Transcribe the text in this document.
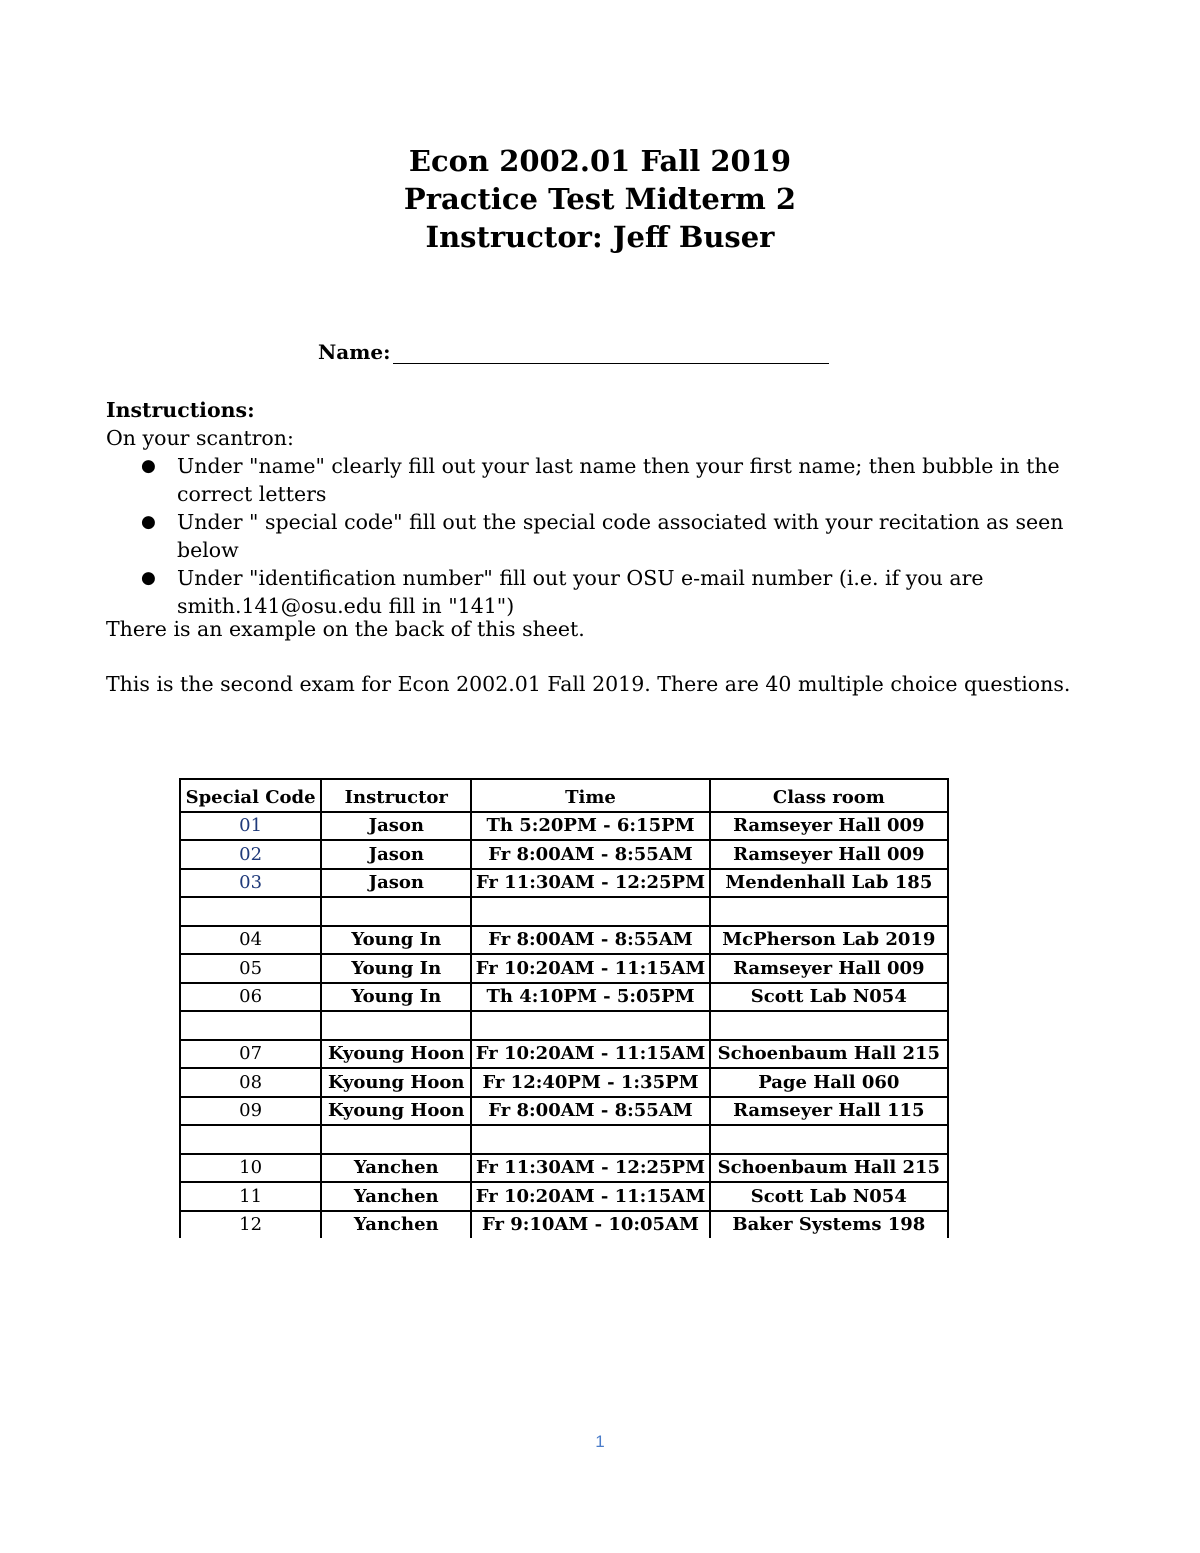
Econ 2002.01 Fall 2019
Practice Test Midterm 2
Instructor: Jeff Buser
Name:
Instructions:
On your scantron:
● Under "name" clearly fill out your last name then your first name; then bubble in the correct letters
● Under " special code" fill out the special code associated with your recitation as seen below
● Under "identification number" fill out your OSU e-mail number (i.e. if you are smith.141@osu.edu fill in "141")
There is an example on the back of this sheet.
This is the second exam for Econ 2002.01 Fall 2019. There are 40 multiple choice questions.
Special Code	Instructor	Time	Class room
01	Jason	Th 5:20PM - 6:15PM	Ramseyer Hall 009
02	Jason	Fr 8:00AM - 8:55AM	Ramseyer Hall 009
03	Jason	Fr 11:30AM - 12:25PM	Mendenhall Lab 185

04	Young In	Fr 8:00AM - 8:55AM	McPherson Lab 2019
05	Young In	Fr 10:20AM - 11:15AM	Ramseyer Hall 009
06	Young In	Th 4:10PM - 5:05PM	Scott Lab N054

07	Kyoung Hoon	Fr 10:20AM - 11:15AM	Schoenbaum Hall 215
08	Kyoung Hoon	Fr 12:40PM - 1:35PM	Page Hall 060
09	Kyoung Hoon	Fr 8:00AM - 8:55AM	Ramseyer Hall 115

10	Yanchen	Fr 11:30AM - 12:25PM	Schoenbaum Hall 215
11	Yanchen	Fr 10:20AM - 11:15AM	Scott Lab N054
12	Yanchen	Fr 9:10AM - 10:05AM	Baker Systems 198
1
